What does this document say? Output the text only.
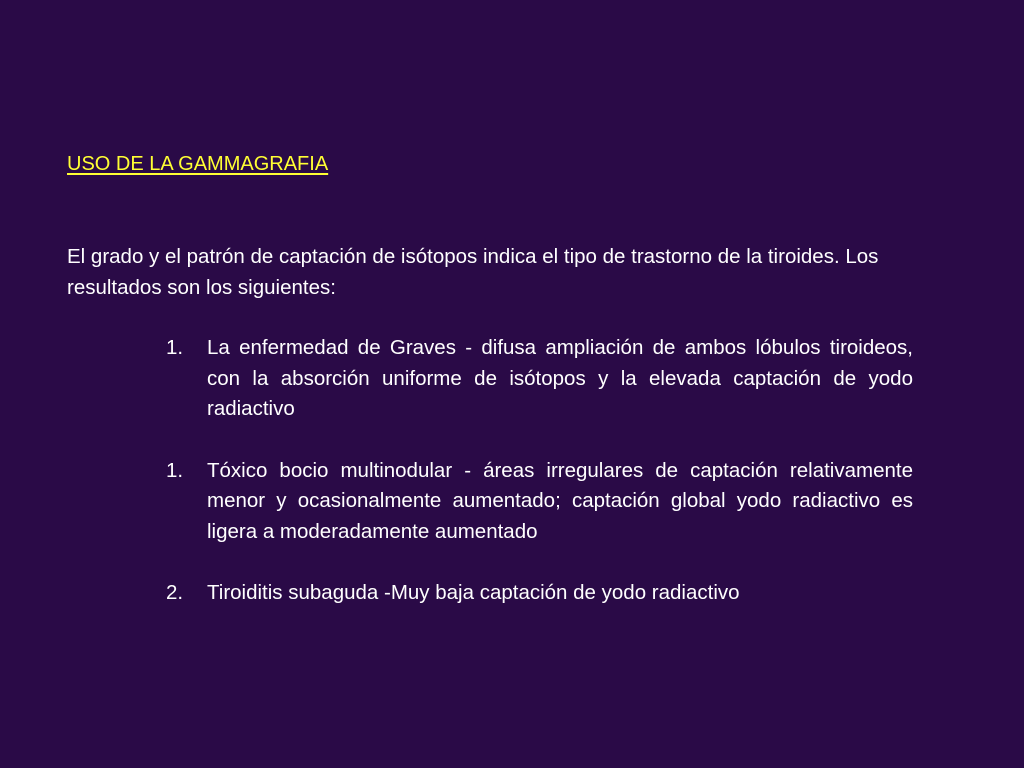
USO DE LA GAMMAGRAFIA
El grado y el patrón de captación de isótopos indica el tipo de trastorno de la tiroides. Los resultados son los siguientes:
1. La enfermedad de Graves - difusa ampliación de ambos lóbulos tiroideos, con la absorción uniforme de isótopos y la elevada captación de yodo radiactivo
1. Tóxico bocio multinodular - áreas irregulares de captación relativamente menor y ocasionalmente aumentado; captación global yodo radiactivo es ligera a moderadamente aumentado
2. Tiroiditis subaguda -Muy baja captación de yodo radiactivo
